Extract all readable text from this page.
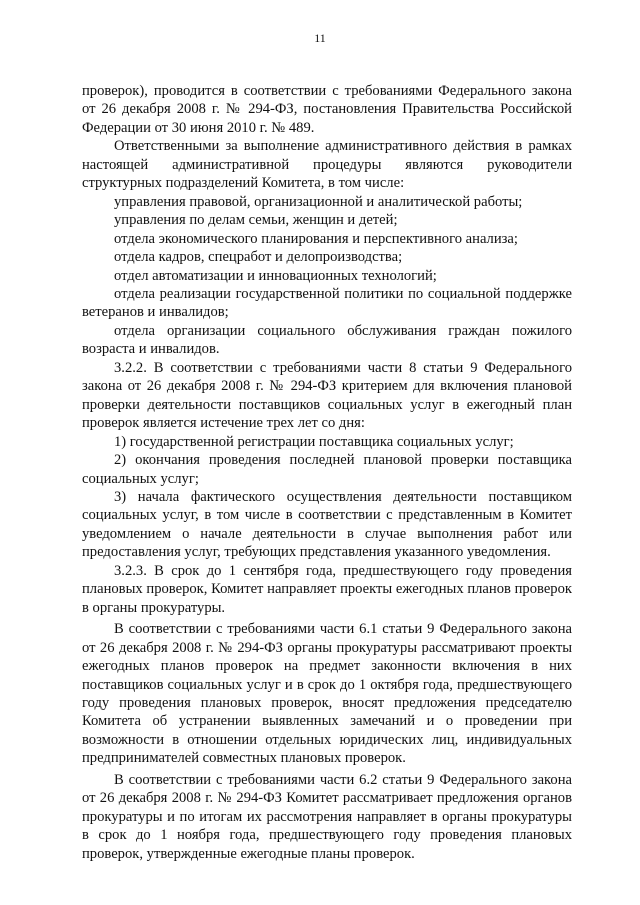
11

проверок), проводится в соответствии с требованиями Федерального закона от 26 декабря 2008 г. № 294-ФЗ, постановления Правительства Российской Федерации от 30 июня 2010 г. № 489.

Ответственными за выполнение административного действия в рамках настоящей административной процедуры являются руководители структурных подразделений Комитета, в том числе:

управления правовой, организационной и аналитической работы;

управления по делам семьи, женщин и детей;

отдела экономического планирования и перспективного анализа;

отдела кадров, спецработ и делопроизводства;

отдел автоматизации и инновационных технологий;

отдела реализации государственной политики по социальной поддержке ветеранов и инвалидов;

отдела организации социального обслуживания граждан пожилого возраста и инвалидов.

3.2.2. В соответствии с требованиями части 8 статьи 9 Федерального закона от 26 декабря 2008 г. № 294-ФЗ критерием для включения плановой проверки деятельности поставщиков социальных услуг в ежегодный план проверок является истечение трех лет со дня:

1) государственной регистрации поставщика социальных услуг;

2) окончания проведения последней плановой проверки поставщика социальных услуг;

3) начала фактического осуществления деятельности поставщиком социальных услуг, в том числе в соответствии с представленным в Комитет уведомлением о начале деятельности в случае выполнения работ или предоставления услуг, требующих представления указанного уведомления.

3.2.3. В срок до 1 сентября года, предшествующего году проведения плановых проверок, Комитет направляет проекты ежегодных планов проверок в органы прокуратуры.

В соответствии с требованиями части 6.1 статьи 9 Федерального закона от 26 декабря 2008 г. № 294-ФЗ органы прокуратуры рассматривают проекты ежегодных планов проверок на предмет законности включения в них поставщиков социальных услуг и в срок до 1 октября года, предшествующего году проведения плановых проверок, вносят предложения председателю Комитета об устранении выявленных замечаний и о проведении при возможности в отношении отдельных юридических лиц, индивидуальных предпринимателей совместных плановых проверок.

В соответствии с требованиями части 6.2 статьи 9 Федерального закона от 26 декабря 2008 г. № 294-ФЗ Комитет рассматривает предложения органов прокуратуры и по итогам их рассмотрения направляет в органы прокуратуры в срок до 1 ноября года, предшествующего году проведения плановых проверок, утвержденные ежегодные планы проверок.
